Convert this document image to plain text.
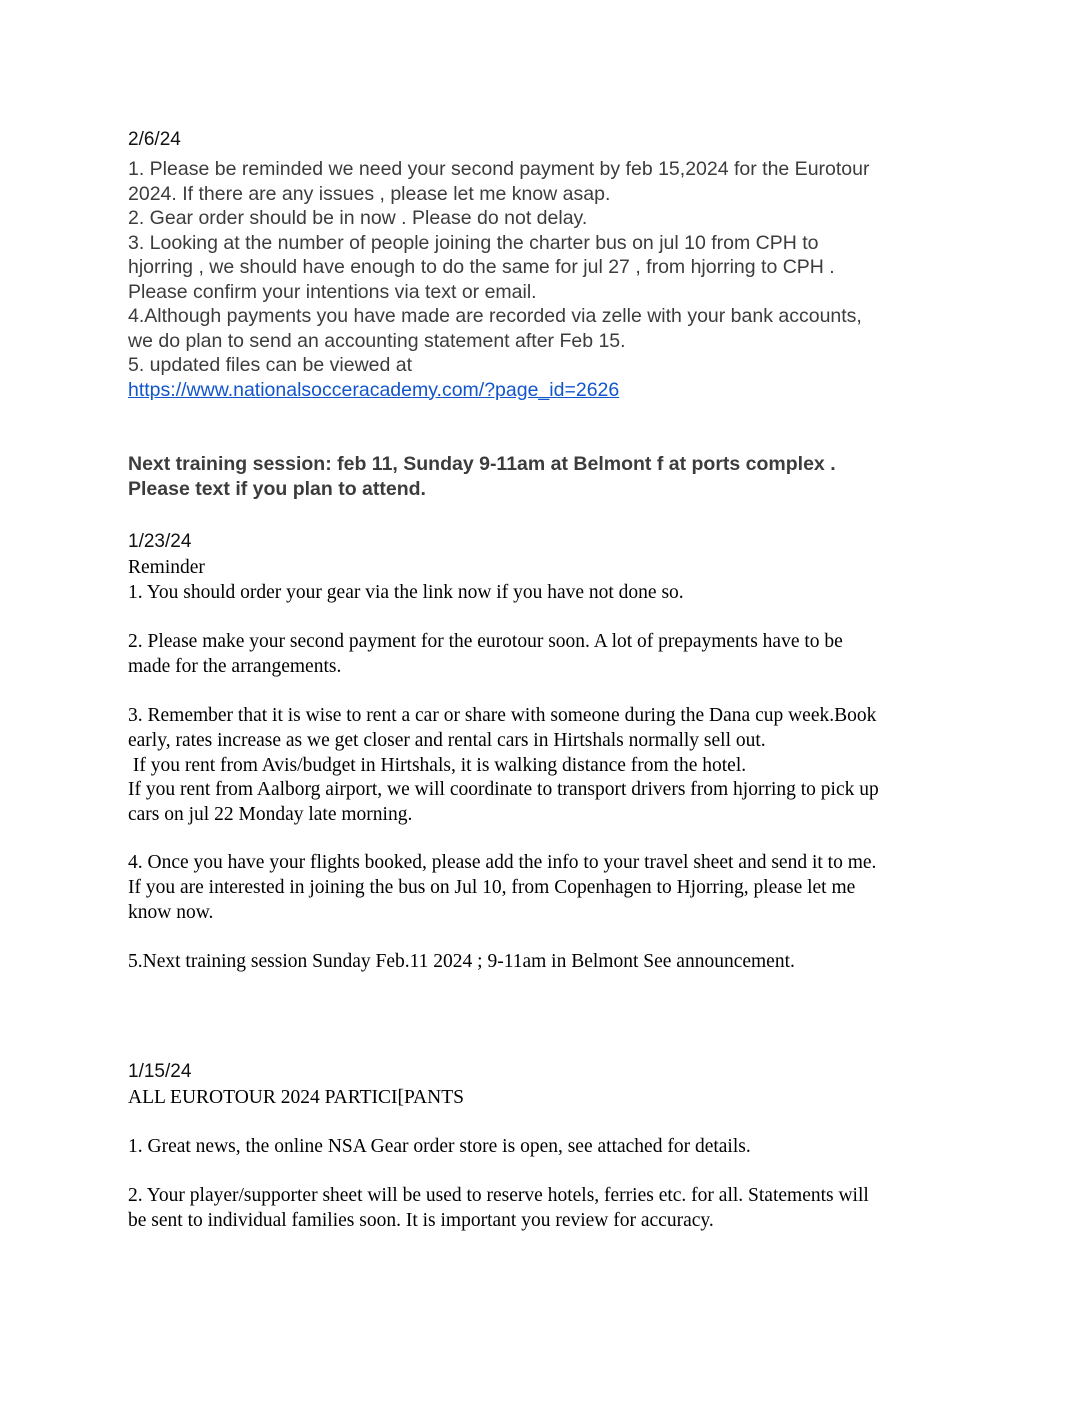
2/6/24
1. Please be reminded we need your second payment by feb 15,2024 for the Eurotour
2024. If there are any issues , please let me know asap.
2. Gear order should be in now . Please do not delay.
3. Looking at the number of people joining the charter bus on jul 10 from CPH to
hjorring , we should have enough to do the same for jul 27 , from hjorring to CPH .
Please confirm your intentions via text or email.
4.Although payments you have made are recorded via zelle with your bank accounts,
we do plan to send an accounting statement after Feb 15.
5. updated files can be viewed at
https://www.nationalsocceracademy.com/?page_id=2626
Next training session: feb 11, Sunday 9-11am at Belmont f at ports complex .
Please text if you plan to attend.
1/23/24
Reminder
1. You should order your gear via the link now if you have not done so.
2. Please make your second payment for the eurotour soon. A lot of prepayments have to be
made for the arrangements.
3. Remember that it is wise to rent a car or share with someone during the Dana cup week.Book
early, rates increase as we get closer and rental cars in Hirtshals normally sell out.
If you rent from Avis/budget in Hirtshals, it is walking distance from the hotel.
If you rent from Aalborg airport, we will coordinate to transport drivers from hjorring to pick up
cars on jul 22 Monday late morning.
4. Once you have your flights booked, please add the info to your travel sheet and send it to me.
If you are interested in joining the bus on Jul 10, from Copenhagen to Hjorring, please let me
know now.
5.Next training session Sunday Feb.11 2024 ; 9-11am in Belmont See announcement.
1/15/24
ALL EUROTOUR 2024 PARTICI[PANTS
1. Great news, the online NSA Gear order store is open, see attached for details.
2. Your player/supporter sheet will be used to reserve hotels, ferries etc. for all. Statements will
be sent to individual families soon. It is important you review for accuracy.
